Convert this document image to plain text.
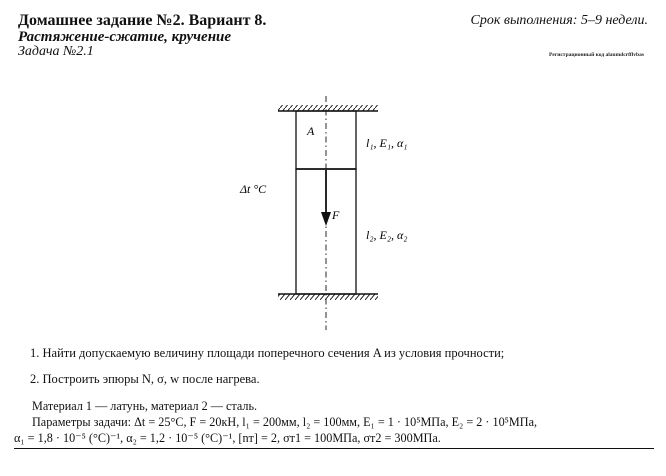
Домашнее задание №2. Вариант 8.
Растяжение-сжатие, кручение
Задача №2.1
Срок выполнения: 5–9 недели.
Регистрационный код alaumdcrfflvbas
A
l₁, E₁, α₁
l₂, E₂, α₂
Δt °C
F
1. Найти допускаемую величину площади поперечного сечения A из условия прочности;
2. Построить эпюры N, σ, w после нагрева.
Материал 1 — латунь, материал 2 — сталь.
Параметры задачи: Δt = 25°C, F = 20кН, l₁ = 200мм, l₂ = 100мм, E₁ = 1 · 10⁵МПа, E₂ = 2 · 10⁵МПа,
α₁ = 1,8 · 10⁻⁵ (°C)⁻¹, α₂ = 1,2 · 10⁻⁵ (°C)⁻¹, [nт] = 2, σт1 = 100МПа, σт2 = 300МПа.
